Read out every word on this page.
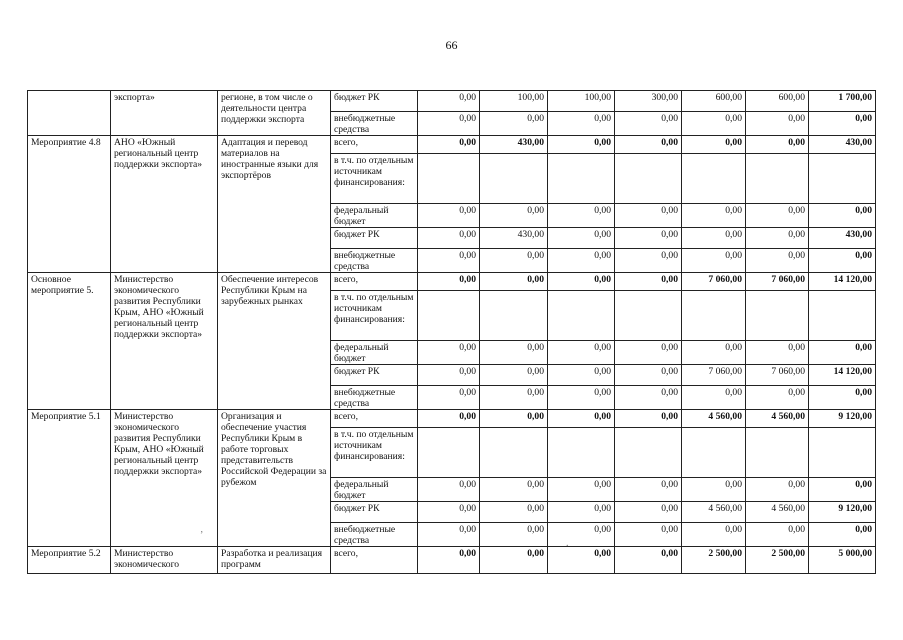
66
	экспорта»	регионе, в том числе о деятельности центра поддержки экспорта	бюджет РК	0,00	100,00	100,00	300,00	600,00	600,00	1 700,00
			внебюджетные средства	0,00	0,00	0,00	0,00	0,00	0,00	0,00
Мероприятие 4.8	АНО «Южный региональный центр поддержки экспорта»	Адаптация и перевод материалов на иностранные языки для экспортёров	всего,	0,00	430,00	0,00	0,00	0,00	0,00	430,00
			в т.ч. по отдельным источникам финансирования:							
			федеральный бюджет	0,00	0,00	0,00	0,00	0,00	0,00	0,00
			бюджет РК	0,00	430,00	0,00	0,00	0,00	0,00	430,00
			внебюджетные средства	0,00	0,00	0,00	0,00	0,00	0,00	0,00
Основное мероприятие 5.	Министерство экономического развития Республики Крым, АНО «Южный региональный центр поддержки экспорта»	Обеспечение интересов Республики Крым на зарубежных рынках	всего,	0,00	0,00	0,00	0,00	7 060,00	7 060,00	14 120,00
			в т.ч. по отдельным источникам финансирования:							
			федеральный бюджет	0,00	0,00	0,00	0,00	0,00	0,00	0,00
			бюджет РК	0,00	0,00	0,00	0,00	7 060,00	7 060,00	14 120,00
			внебюджетные средства	0,00	0,00	0,00	0,00	0,00	0,00	0,00
Мероприятие 5.1	Министерство экономического развития Республики Крым, АНО «Южный региональный центр поддержки экспорта»	Организация и обеспечение участия Республики Крым в работе торговых представительств Российской Федерации за рубежом	всего,	0,00	0,00	0,00	0,00	4 560,00	4 560,00	9 120,00
			в т.ч. по отдельным источникам финансирования:							
			федеральный бюджет	0,00	0,00	0,00	0,00	0,00	0,00	0,00
			бюджет РК	0,00	0,00	0,00	0,00	4 560,00	4 560,00	9 120,00
			внебюджетные средства	0,00	0,00	0,00	0,00	0,00	0,00	0,00
Мероприятие 5.2	Министерство экономического	Разработка и реализация программ	всего,	0,00	0,00	0,00	0,00	2 500,00	2 500,00	5 000,00
’
.
